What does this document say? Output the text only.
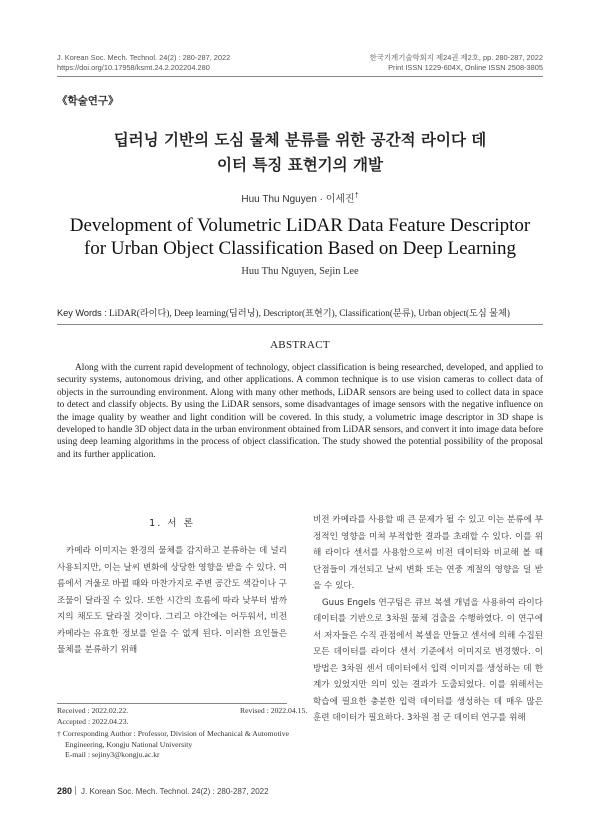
J. Korean Soc. Mech. Technol. 24(2) : 280-287, 2022
https://doi.org/10.17958/ksmt.24.2.202204.280
한국기계기술학회지 제24권 제2호, pp. 280-287, 2022
Print ISSN 1229-604X, Online ISSN 2508-3805
《학술연구》
딥러닝 기반의 도심 물체 분류를 위한 공간적 라이다 데이터 특징 표현기의 개발
Huu Thu Nguyen · 이세진†
Development of Volumetric LiDAR Data Feature Descriptor for Urban Object Classification Based on Deep Learning
Huu Thu Nguyen, Sejin Lee
Key Words : LiDAR(라이다), Deep learning(딥러닝), Descriptor(표현기), Classification(분류), Urban object(도심 물체)
ABSTRACT
Along with the current rapid development of technology, object classification is being researched, developed, and applied to security systems, autonomous driving, and other applications. A common technique is to use vision cameras to collect data of objects in the surrounding environment. Along with many other methods, LiDAR sensors are being used to collect data in space to detect and classify objects. By using the LiDAR sensors, some disadvantages of image sensors with the negative influence on the image quality by weather and light condition will be covered. In this study, a volumetric image descriptor in 3D shape is developed to handle 3D object data in the urban environment obtained from LiDAR sensors, and convert it into image data before using deep learning algorithms in the process of object classification. The study showed the potential possibility of the proposal and its further application.
1. 서 론

카메라 이미지는 환경의 물체를 감지하고 분류하는 데 널리 사용되지만, 이는 날씨 변화에 상당한 영향을 받을 수 있다. 여름에서 겨울로 바뀔 때와 마찬가지로 주변 공간도 색감이나 구조물이 달라질 수 있다. 또한 시간의 흐름에 따라 낮부터 밤까지의 채도도 달라질 것이다. 그리고 야간에는 어두워서, 비전 카메라는 유효한 정보를 얻을 수 없게 된다. 이러한 요인들은 물체를 분류하기 위해

비전 카메라를 사용할 때 큰 문제가 될 수 있고 이는 분류에 부정적인 영향을 미쳐 부적합한 결과를 초래할 수 있다. 이를 위해 라이다 센서를 사용함으로써 비전 데이터와 비교해 볼 때 단점들이 개선되고 날씨 변화 또는 연중 계절의 영향을 덜 받을 수 있다.

Guus Engels 연구팀은 큐브 복셀 개념을 사용하여 라이다 데이터를 기반으로 3차원 물체 검출을 수행하였다. 이 연구에서 저자들은 수직 관점에서 복셀을 만들고 센서에 의해 수집된 모든 데이터를 라이다 센서 기준에서 이미지로 변경했다. 이 방법은 3차원 센서 데이터에서 입력 이미지를 생성하는 데 한계가 있었지만 의미 있는 결과가 도출되었다. 이를 위해서는 학습에 필요한 충분한 입력 데이터를 생성하는 데 매우 많은 훈련 데이터가 필요하다. 3차원 점 군 데이터 연구를 위해

Received : 2022.02.22.	Revised : 2022.04.15.
Accepted : 2022.04.23.
† Corresponding Author : Professor, Division of Mechanical & Automotive Engineering, Kongju National University
E-mail : sejiny3@kongju.ac.kr
280 J. Korean Soc. Mech. Technol. 24(2) : 280-287, 2022
